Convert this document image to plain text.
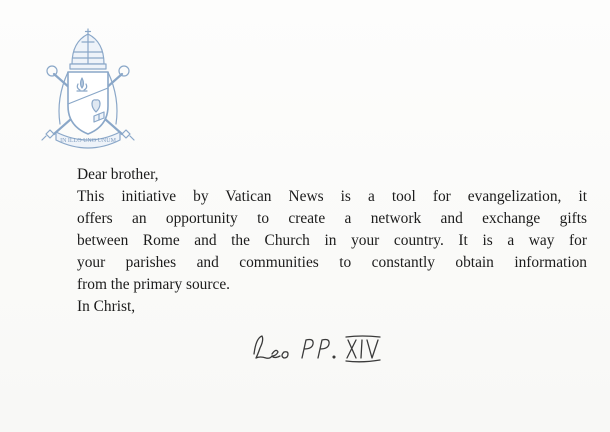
IN ILLO UNO UNUM

Dear brother,

This initiative by Vatican News is a tool for evangelization, it
offers an opportunity to create a network and exchange gifts
between Rome and the Church in your country. It is a way for
your parishes and communities to constantly obtain information
from the primary source.

In Christ,
